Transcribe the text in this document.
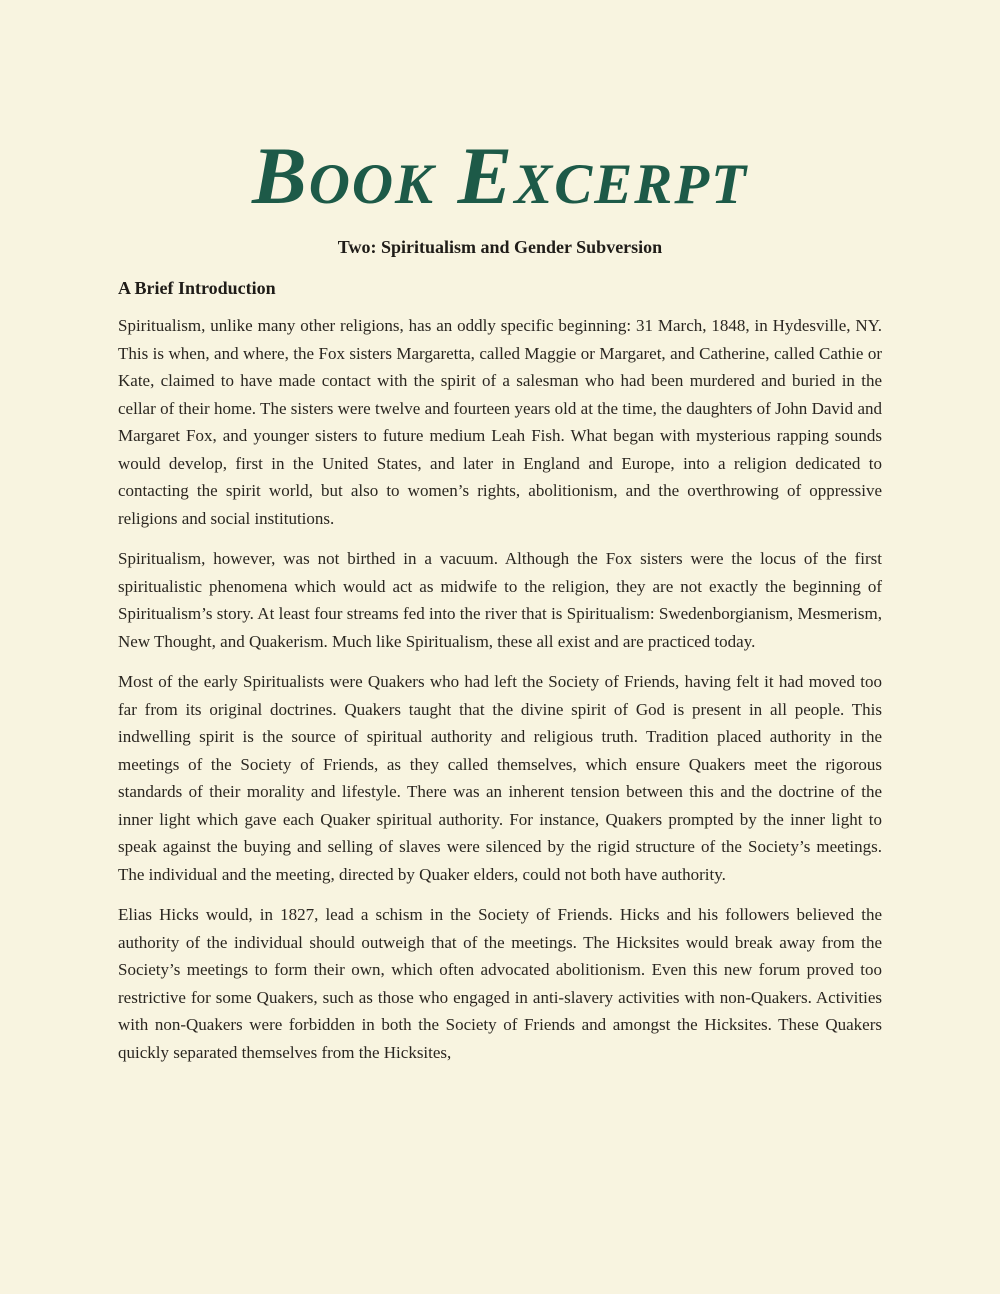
Book Excerpt
Two: Spiritualism and Gender Subversion
A Brief Introduction

Spiritualism, unlike many other religions, has an oddly specific beginning: 31 March, 1848, in Hydesville, NY. This is when, and where, the Fox sisters Margaretta, called Maggie or Margaret, and Catherine, called Cathie or Kate, claimed to have made contact with the spirit of a salesman who had been murdered and buried in the cellar of their home. The sisters were twelve and fourteen years old at the time, the daughters of John David and Margaret Fox, and younger sisters to future medium Leah Fish. What began with mysterious rapping sounds would develop, first in the United States, and later in England and Europe, into a religion dedicated to contacting the spirit world, but also to women’s rights, abolitionism, and the overthrowing of oppressive religions and social institutions.

Spiritualism, however, was not birthed in a vacuum. Although the Fox sisters were the locus of the first spiritualistic phenomena which would act as midwife to the religion, they are not exactly the beginning of Spiritualism’s story. At least four streams fed into the river that is Spiritualism: Swedenborgianism, Mesmerism, New Thought, and Quakerism. Much like Spiritualism, these all exist and are practiced today.

Most of the early Spiritualists were Quakers who had left the Society of Friends, having felt it had moved too far from its original doctrines. Quakers taught that the divine spirit of God is present in all people. This indwelling spirit is the source of spiritual authority and religious truth. Tradition placed authority in the meetings of the Society of Friends, as they called themselves, which ensure Quakers meet the rigorous standards of their morality and lifestyle. There was an inherent tension between this and the doctrine of the inner light which gave each Quaker spiritual authority. For instance, Quakers prompted by the inner light to speak against the buying and selling of slaves were silenced by the rigid structure of the Society’s meetings. The individual and the meeting, directed by Quaker elders, could not both have authority.

Elias Hicks would, in 1827, lead a schism in the Society of Friends. Hicks and his followers believed the authority of the individual should outweigh that of the meetings. The Hicksites would break away from the Society’s meetings to form their own, which often advocated abolitionism. Even this new forum proved too restrictive for some Quakers, such as those who engaged in anti-slavery activities with non-Quakers. Activities with non-Quakers were forbidden in both the Society of Friends and amongst the Hicksites. These Quakers quickly separated themselves from the Hicksites,
